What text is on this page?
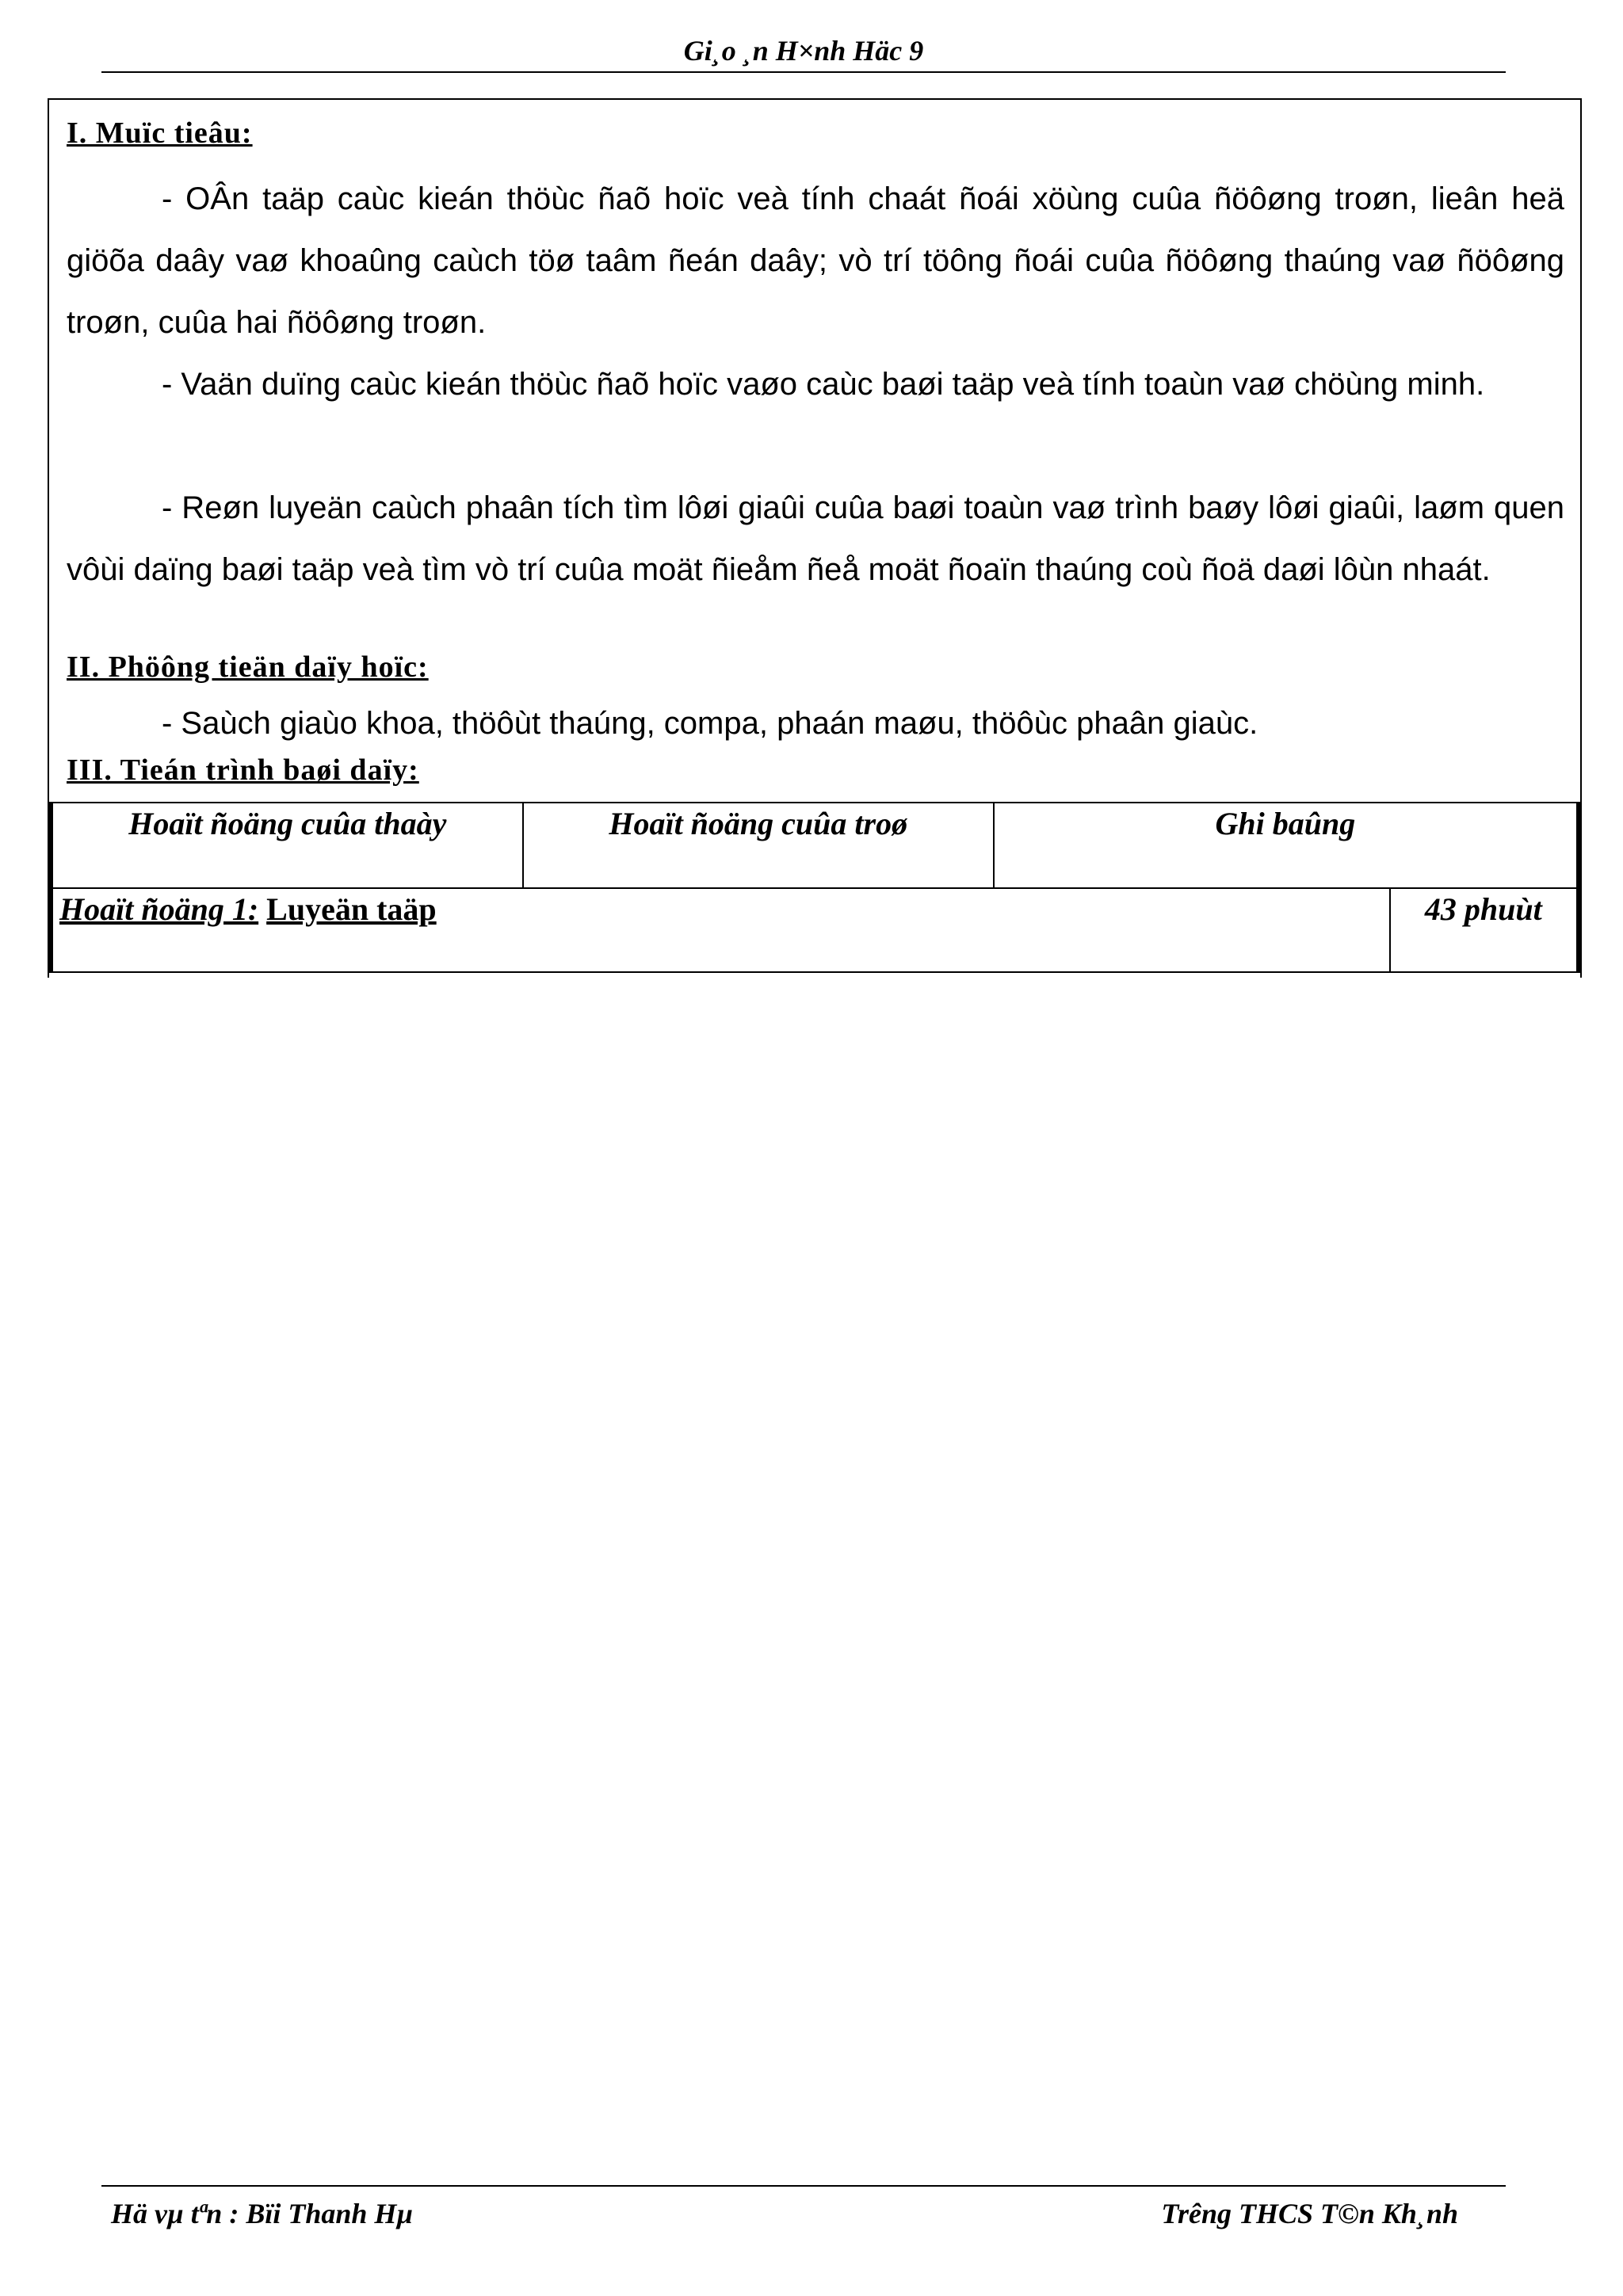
Gi¸o ¸n H×nh Häc 9
I. Muïc tieâu:
- OÂn taäp caùc kieán thöùc ñaõ hoïc veà tính chaát ñoái xöùng cuûa ñöôøng troøn, lieân heä giöõa daây vaø khoaûng caùch töø taâm ñeán daây; vò trí töông ñoái cuûa ñöôøng thaúng vaø ñöôøng troøn, cuûa hai ñöôøng troøn.
- Vaän duïng caùc kieán thöùc ñaõ hoïc vaøo caùc baøi taäp veà tính toaùn vaø chöùng minh.
- Reøn luyeän caùch phaân tích tìm lôøi giaûi cuûa baøi toaùn vaø trình baøy lôøi giaûi, laøm quen vôùi daïng baøi taäp veà tìm vò trí cuûa moät ñieåm ñeå moät ñoaïn thaúng coù ñoä daøi lôùn nhaát.
II. Phöông tieän daïy hoïc:
- Saùch giaùo khoa, thöôùt thaúng, compa, phaán maøu, thöôùc phaân giaùc.
III. Tieán trình baøi daïy:
Hoaït ñoäng cuûa thaày	Hoaït ñoäng cuûa troø	Ghi baûng	
Hoaït ñoäng 1: Luyeän taäp			43 phuùt
Hä vµ tªn : Bïi Thanh Hµ	Trêng THCS T©n Kh¸nh
